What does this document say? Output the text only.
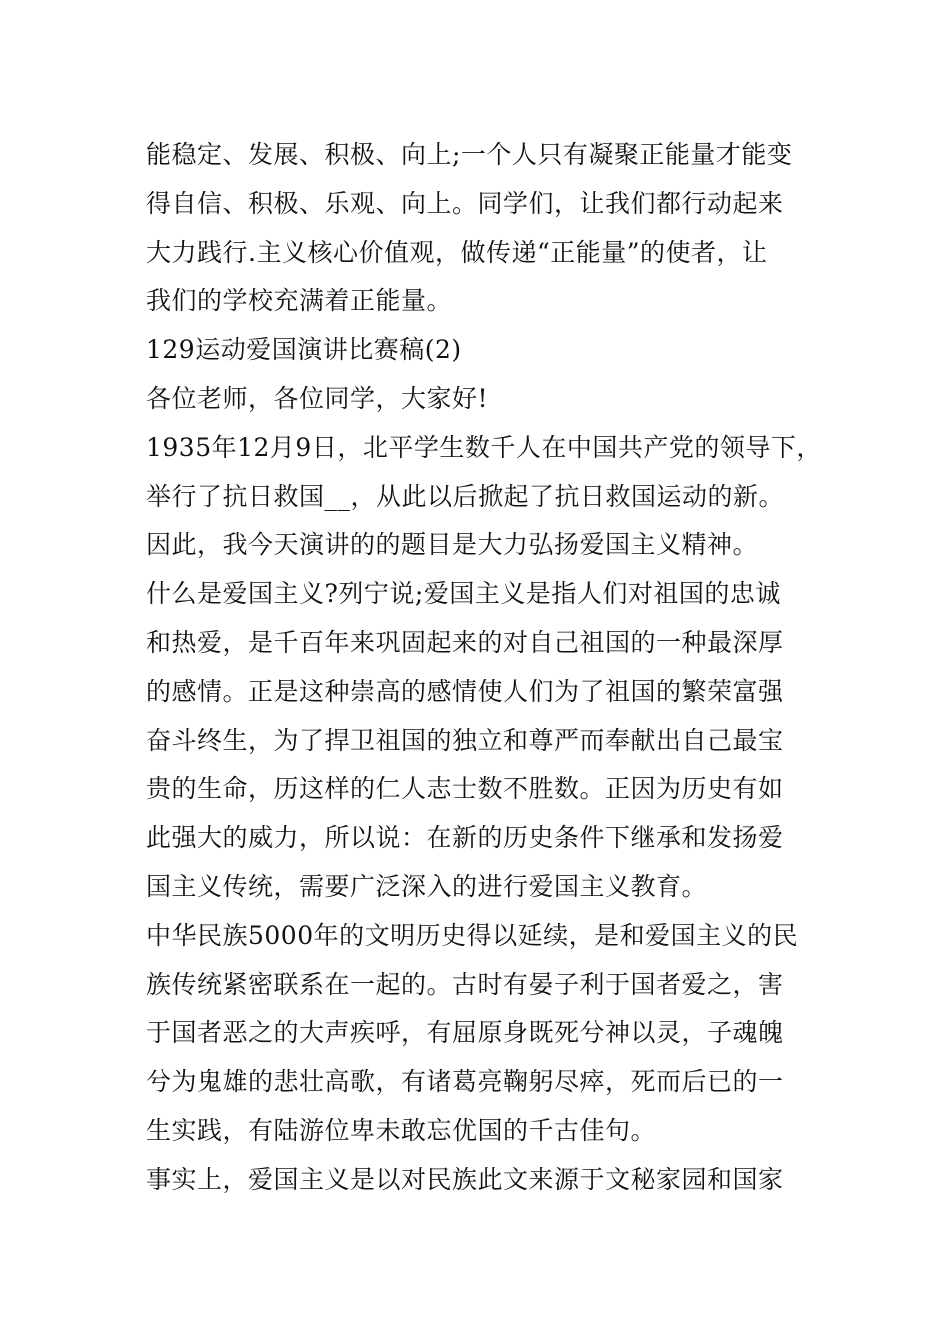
能稳定、发展、积极、向上;一个人只有凝聚正能量才能变
得自信、积极、乐观、向上。同学们，让我们都行动起来
大力践行.主义核心价值观，做传递“正能量”的使者，让
我们的学校充满着正能量。
129运动爱国演讲比赛稿(2)
各位老师，各位同学，大家好!
1935年12月9日，北平学生数千人在中国共产党的领导下，
举行了抗日救国__，从此以后掀起了抗日救国运动的新。
因此，我今天演讲的的题目是大力弘扬爱国主义精神。
什么是爱国主义?列宁说;爱国主义是指人们对祖国的忠诚
和热爱，是千百年来巩固起来的对自己祖国的一种最深厚
的感情。正是这种崇高的感情使人们为了祖国的繁荣富强
奋斗终生，为了捍卫祖国的独立和尊严而奉献出自己最宝
贵的生命，历这样的仁人志士数不胜数。正因为历史有如
此强大的威力，所以说：在新的历史条件下继承和发扬爱
国主义传统，需要广泛深入的进行爱国主义教育。
中华民族5000年的文明历史得以延续，是和爱国主义的民
族传统紧密联系在一起的。古时有晏子利于国者爱之，害
于国者恶之的大声疾呼，有屈原身既死兮神以灵，子魂魄
兮为鬼雄的悲壮高歌，有诸葛亮鞠躬尽瘁，死而后已的一
生实践，有陆游位卑未敢忘优国的千古佳句。
事实上，爱国主义是以对民族此文来源于文秘家园和国家
